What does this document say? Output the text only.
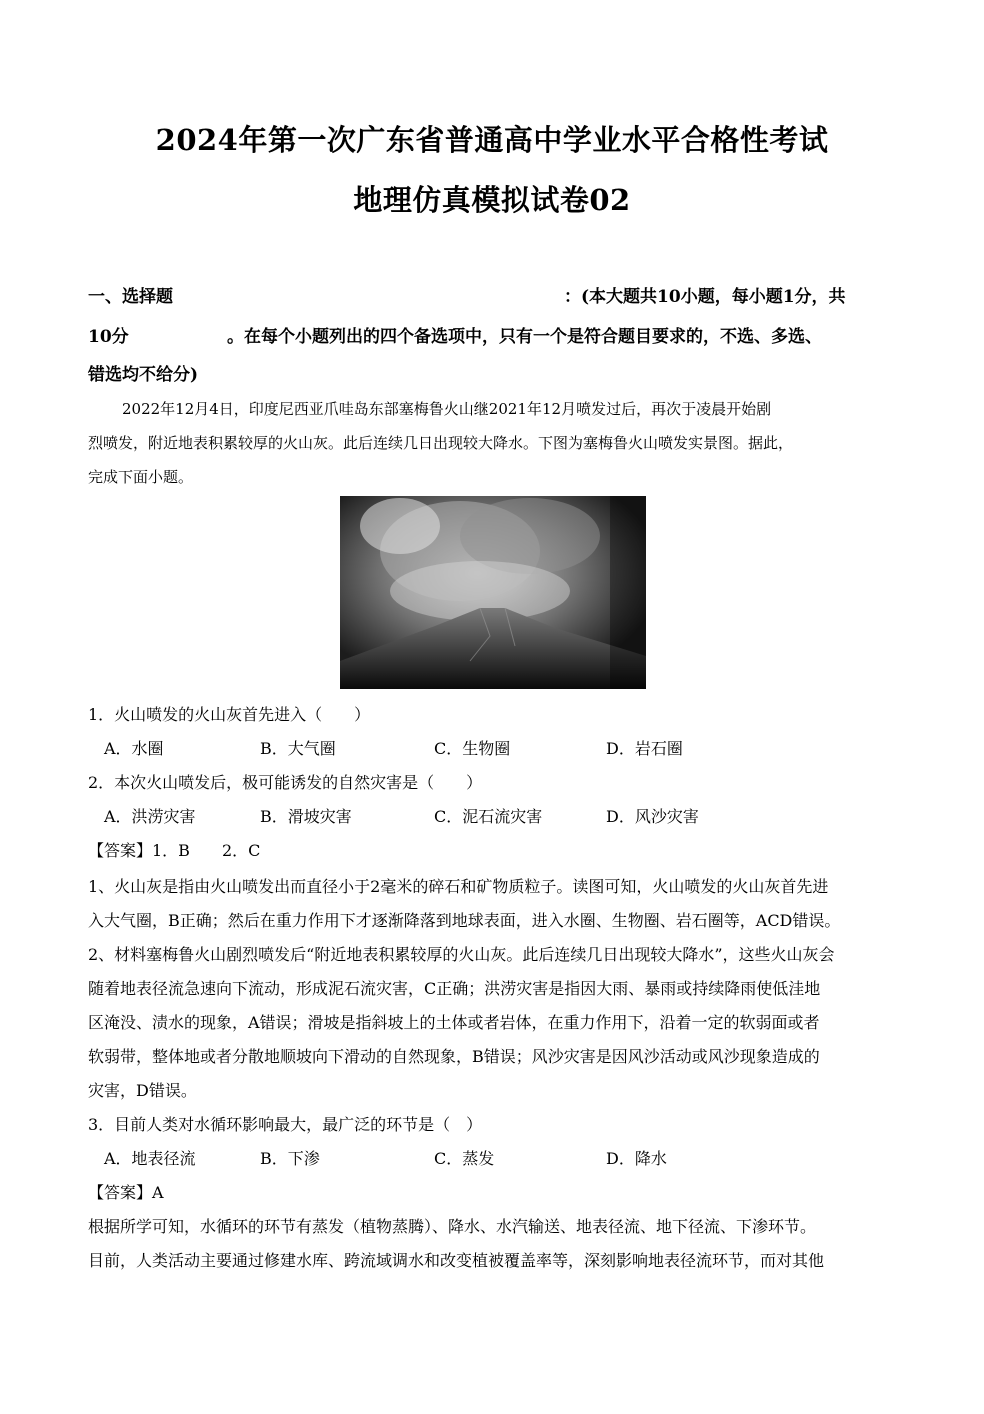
2024年第一次广东省普通高中学业水平合格性考试
地理仿真模拟试卷02
一、选择题	：(本大题共10小题，每小题1分，共
10分	。在每个小题列出的四个备选项中，只有一个是符合题目要求的，不选、多选、
错选均不给分)
2022年12月4日，印度尼西亚爪哇岛东部塞梅鲁火山继2021年12月喷发过后，再次于凌晨开始剧
烈喷发，附近地表积累较厚的火山灰。此后连续几日出现较大降水。下图为塞梅鲁火山喷发实景图。据此，
完成下面小题。
1．火山喷发的火山灰首先进入（　　）
A．水圈	B．大气圈	C．生物圈	D．岩石圈
2．本次火山喷发后，极可能诱发的自然灾害是（　　）
A．洪涝灾害	B．滑坡灾害	C．泥石流灾害	D．风沙灾害
【答案】1．B　　2．C
1、火山灰是指由火山喷发出而直径小于2毫米的碎石和矿物质粒子。读图可知，火山喷发的火山灰首先进
入大气圈，B正确；然后在重力作用下才逐渐降落到地球表面，进入水圈、生物圈、岩石圈等，ACD错误。
2、材料塞梅鲁火山剧烈喷发后“附近地表积累较厚的火山灰。此后连续几日出现较大降水”，这些火山灰会
随着地表径流急速向下流动，形成泥石流灾害，C正确；洪涝灾害是指因大雨、暴雨或持续降雨使低洼地
区淹没、渍水的现象，A错误；滑坡是指斜坡上的土体或者岩体，在重力作用下，沿着一定的软弱面或者
软弱带，整体地或者分散地顺坡向下滑动的自然现象，B错误；风沙灾害是因风沙活动或风沙现象造成的
灾害，D错误。
3．目前人类对水循环影响最大，最广泛的环节是（　）
A．地表径流	B．下渗	C．蒸发	D．降水
【答案】A
根据所学可知，水循环的环节有蒸发（植物蒸腾）、降水、水汽输送、地表径流、地下径流、下渗环节。
目前，人类活动主要通过修建水库、跨流域调水和改变植被覆盖率等，深刻影响地表径流环节，而对其他
